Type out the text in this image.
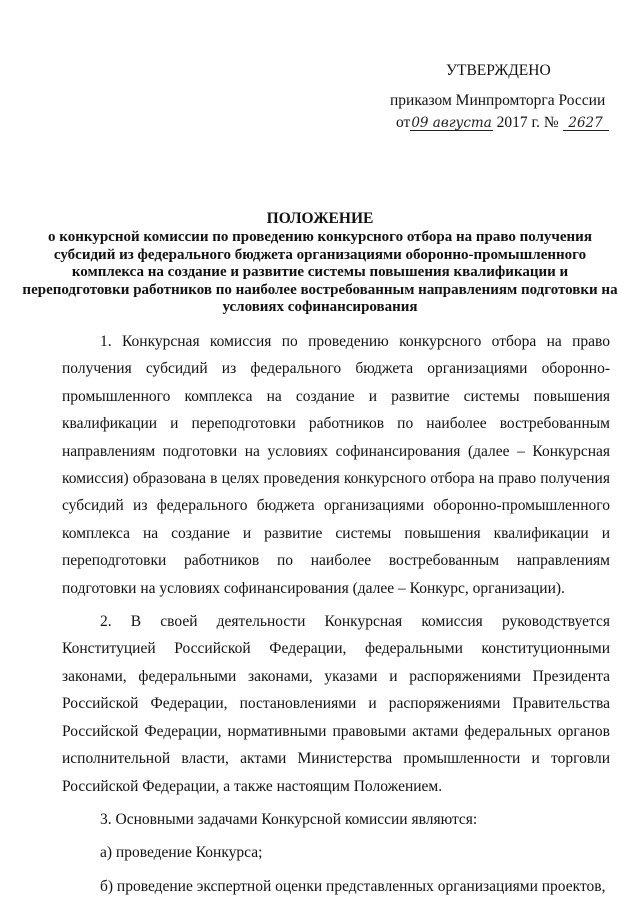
УТВЕРЖДЕНО
приказом Минпромторга России
от09 августа 2017 г. № 2627
ПОЛОЖЕНИЕ
о конкурсной комиссии по проведению конкурсного отбора на право получения субсидий из федерального бюджета организациями оборонно-промышленного комплекса на создание и развитие системы повышения квалификации и переподготовки работников по наиболее востребованным направлениям подготовки на условиях софинансирования

1. Конкурсная комиссия по проведению конкурсного отбора на право получения субсидий из федерального бюджета организациями оборонно-промышленного комплекса на создание и развитие системы повышения квалификации и переподготовки работников по наиболее востребованным направлениям подготовки на условиях софинансирования (далее – Конкурсная комиссия) образована в целях проведения конкурсного отбора на право получения субсидий из федерального бюджета организациями оборонно-промышленного комплекса на создание и развитие системы повышения квалификации и переподготовки работников по наиболее востребованным направлениям подготовки на условиях софинансирования (далее – Конкурс, организации).

2. В своей деятельности Конкурсная комиссия руководствуется Конституцией Российской Федерации, федеральными конституционными законами, федеральными законами, указами и распоряжениями Президента Российской Федерации, постановлениями и распоряжениями Правительства Российской Федерации, нормативными правовыми актами федеральных органов исполнительной власти, актами Министерства промышленности и торговли Российской Федерации, а также настоящим Положением.

3. Основными задачами Конкурсной комиссии являются:

а) проведение Конкурса;

б) проведение экспертной оценки представленных организациями проектов,
